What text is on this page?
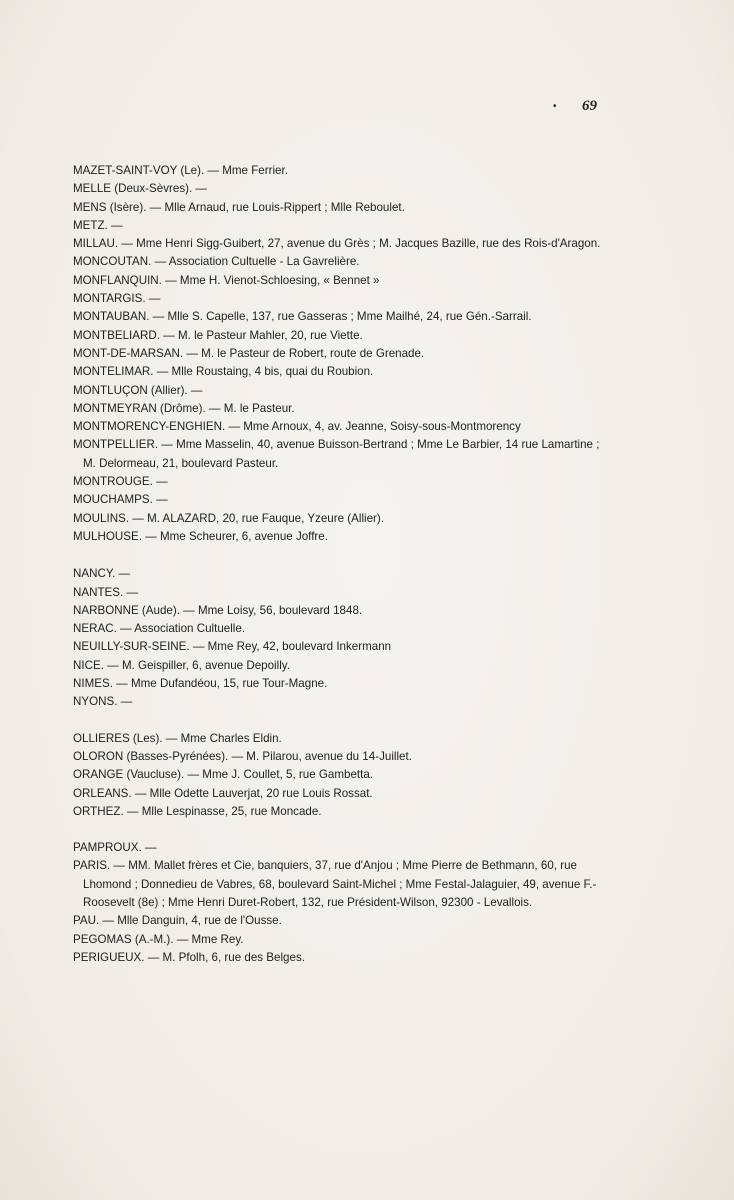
• 69
MAZET-SAINT-VOY (Le). — Mme Ferrier.
MELLE (Deux-Sèvres). —
MENS (Isère). — Mlle Arnaud, rue Louis-Rippert ; Mlle Reboulet.
METZ. —
MILLAU. — Mme Henri Sigg-Guibert, 27, avenue du Grès ; M. Jacques Bazille, rue des Rois-d'Aragon.
MONCOUTAN. — Association Cultuelle - La Gavrelière.
MONFLANQUIN. — Mme H. Vienot-Schloesing, « Bennet »
MONTARGIS. —
MONTAUBAN. — Mlle S. Capelle, 137, rue Gasseras ; Mme Mailhé, 24, rue Gén.-Sarrail.
MONTBELIARD. — M. le Pasteur Mahler, 20, rue Viette.
MONT-DE-MARSAN. — M. le Pasteur de Robert, route de Grenade.
MONTELIMAR. — Mlle Roustaing, 4 bis, quai du Roubion.
MONTLUÇON (Allier). —
MONTMEYRAN (Drôme). — M. le Pasteur.
MONTMORENCY-ENGHIEN. — Mme Arnoux, 4, av. Jeanne, Soisy-sous-Montmorency
MONTPELLIER. — Mme Masselin, 40, avenue Buisson-Bertrand ; Mme Le Barbier, 14 rue Lamartine ; M. Delormeau, 21, boulevard Pasteur.
MONTROUGE. —
MOUCHAMPS. —
MOULINS. — M. ALAZARD, 20, rue Fauque, Yzeure (Allier).
MULHOUSE. — Mme Scheurer, 6, avenue Joffre.
NANCY. —
NANTES. —
NARBONNE (Aude). — Mme Loisy, 56, boulevard 1848.
NERAC. — Association Cultuelle.
NEUILLY-SUR-SEINE. — Mme Rey, 42, boulevard Inkermann
NICE. — M. Geispiller, 6, avenue Depoilly.
NIMES. — Mme Dufandéou, 15, rue Tour-Magne.
NYONS. —
OLLIERES (Les). — Mme Charles Eldin.
OLORON (Basses-Pyrénées). — M. Pilarou, avenue du 14-Juillet.
ORANGE (Vaucluse). — Mme J. Coullet, 5, rue Gambetta.
ORLEANS. — Mlle Odette Lauverjat, 20 rue Louis Rossat.
ORTHEZ. — Mlle Lespinasse, 25, rue Moncade.
PAMPROUX. —
PARIS. — MM. Mallet frères et Cie, banquiers, 37, rue d'Anjou ; Mme Pierre de Bethmann, 60, rue Lhomond ; Donnedieu de Vabres, 68, boulevard Saint-Michel ; Mme Festal-Jalaguier, 49, avenue F.-Roosevelt (8e) ; Mme Henri Duret-Robert, 132, rue Président-Wilson, 92300 - Levallois.
PAU. — Mlle Danguin, 4, rue de l'Ousse.
PEGOMAS (A.-M.). — Mme Rey.
PERIGUEUX. — M. Pfolh, 6, rue des Belges.
